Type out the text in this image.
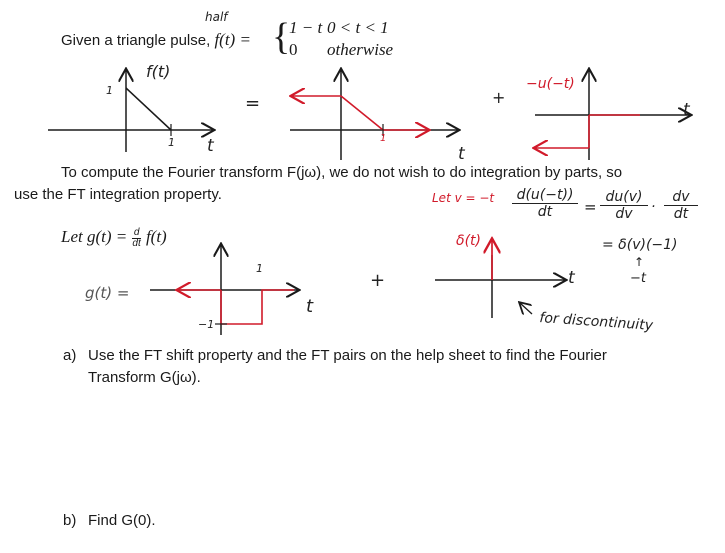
Given a triangle pulse, f(t) = {
1 − t 0 < t < 1
0 otherwise
To compute the Fourier transform F(jω), we do not wish to do integration by parts, so
use the FT integration property.
Let $g(t) = \frac{d}{dt} f(t)$
a) Use the FT shift property and the FT pairs on the help sheet to find the Fourier
Transform G(jω).
b) Find G(0).
half
f(t)
1
1 t
=
1
t
+
−u(−t)
t
g(t) =
1
−1
t
+
δ(t)
t
for discontinuity
Let $v = -t \frac{d(u(-t))}{dt} = \frac{du(v)}{dv} \cdot \frac{dv}{dt}$
= δ(v)(−1)
↑
−t
